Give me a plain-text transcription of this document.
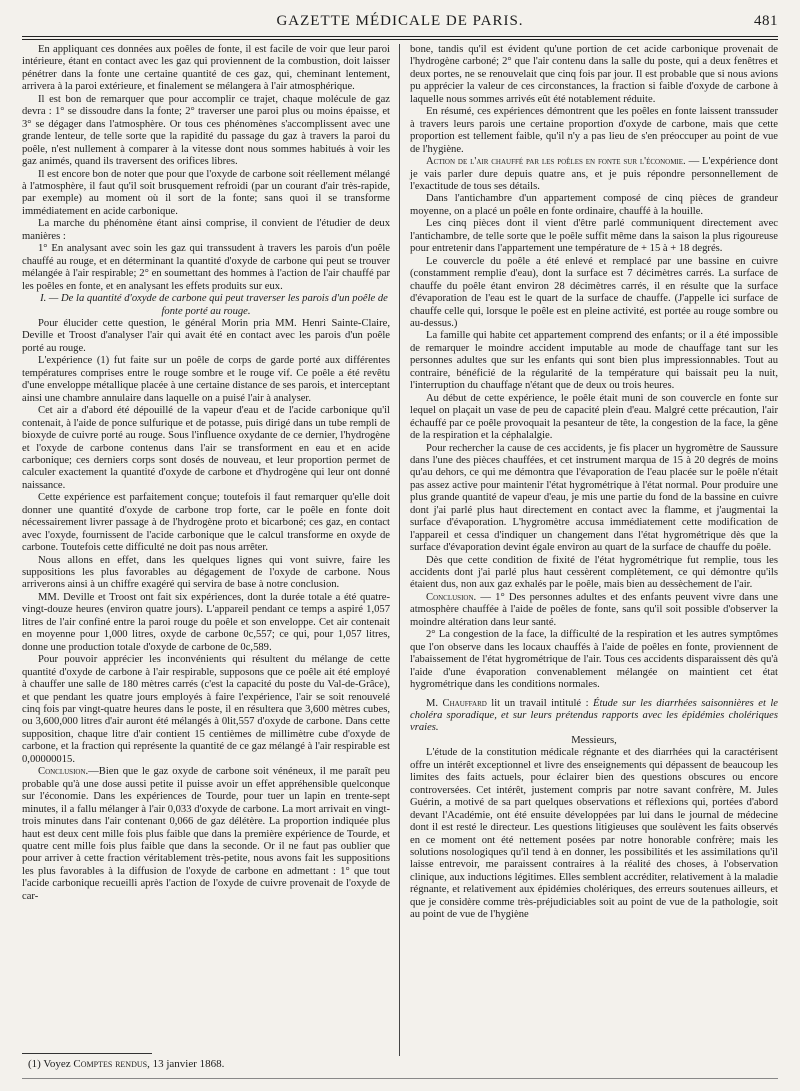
GAZETTE MÉDICALE DE PARIS.	481

En appliquant ces données aux poêles de fonte, il est facile de voir que leur paroi intérieure, étant en contact avec les gaz qui proviennent de la combustion, doit laisser pénétrer dans la fonte une certaine quantité de ces gaz, qui, cheminant lentement, arrivera à la paroi extérieure, et finalement se mélangera à l'air atmosphérique.

Il est bon de remarquer que pour accomplir ce trajet, chaque molécule de gaz devra : 1° se dissoudre dans la fonte; 2° traverser une paroi plus ou moins épaisse, et 3° se dégager dans l'atmosphère. Or tous ces phénomènes s'accomplissent avec une grande lenteur, de telle sorte que la rapidité du passage du gaz à travers la paroi du poêle, n'est nullement à comparer à la vitesse dont nous sommes habitués à voir les gaz animés, quand ils traversent des orifices libres.

Il est encore bon de noter que pour que l'oxyde de carbone soit réellement mélangé à l'atmosphère, il faut qu'il soit brusquement refroidi (par un courant d'air très-rapide, par exemple) au moment où il sort de la fonte; sans quoi il se transforme immédiatement en acide carbonique.

La marche du phénomène étant ainsi comprise, il convient de l'étudier de deux manières :

1° En analysant avec soin les gaz qui transsudent à travers les parois d'un poêle chauffé au rouge, et en déterminant la quantité d'oxyde de carbone qui peut se trouver mélangée à l'air respirable; 2° en soumettant des hommes à l'action de l'air chauffé par les poêles en fonte, et en analysant les effets produits sur eux.

I. — De la quantité d'oxyde de carbone qui peut traverser les parois d'un poêle de fonte porté au rouge.

Pour élucider cette question, le général Morin pria MM. Henri Sainte-Claire, Deville et Troost d'analyser l'air qui avait été en contact avec les parois d'un poêle porté au rouge.

L'expérience (1) fut faite sur un poêle de corps de garde porté aux différentes températures comprises entre le rouge sombre et le rouge vif. Ce poêle a été revêtu d'une enveloppe métallique placée à une certaine distance de ses parois, et interceptant ainsi une chambre annulaire dans laquelle on a puisé l'air à analyser.

Cet air a d'abord été dépouillé de la vapeur d'eau et de l'acide carbonique qu'il contenait, à l'aide de ponce sulfurique et de potasse, puis dirigé dans un tube rempli de bioxyde de cuivre porté au rouge. Sous l'influence oxydante de ce dernier, l'hydrogène et l'oxyde de carbone contenus dans l'air se transforment en eau et en acide carbonique; ces derniers corps sont dosés de nouveau, et leur proportion permet de calculer exactement la quantité d'oxyde de carbone et d'hydrogène qui leur ont donné naissance.

Cette expérience est parfaitement conçue; toutefois il faut remarquer qu'elle doit donner une quantité d'oxyde de carbone trop forte, car le poêle en fonte doit nécessairement livrer passage à de l'hydrogène proto et bicarboné; ces gaz, en contact avec l'oxyde, fournissent de l'acide carbonique que le calcul transforme en oxyde de carbone. Toutefois cette difficulté ne doit pas nous arrêter.

Nous allons en effet, dans les quelques lignes qui vont suivre, faire les suppositions les plus favorables au dégagement de l'oxyde de carbone. Nous arriverons ainsi à un chiffre exagéré qui servira de base à notre conclusion.

MM. Deville et Troost ont fait six expériences, dont la durée totale a été quatre-vingt-douze heures (environ quatre jours). L'appareil pendant ce temps a aspiré 1,057 litres de l'air confiné entre la paroi rouge du poêle et son enveloppe. Cet air contenait en moyenne pour 1,000 litres, oxyde de carbone 0c,557; ce qui, pour 1,057 litres, donne une production totale d'oxyde de carbone de 0c,589.

Pour pouvoir apprécier les inconvénients qui résultent du mélange de cette quantité d'oxyde de carbone à l'air respirable, supposons que ce poêle ait été employé à chauffer une salle de 180 mètres carrés (c'est la capacité du poste du Val-de-Grâce), et que pendant les quatre jours employés à faire l'expérience, l'air se soit renouvelé cinq fois par vingt-quatre heures dans le poste, il en résultera que 3,600 mètres cubes, ou 3,600,000 litres d'air auront été mélangés à 0lit,557 d'oxyde de carbone. Dans cette supposition, chaque litre d'air contient 15 centièmes de millimètre cube d'oxyde de carbone, et la fraction qui représente la quantité de ce gaz mélangé à l'air respirable est 0,00000015.

Conclusion.—Bien que le gaz oxyde de carbone soit vénéneux, il me paraît peu probable qu'à une dose aussi petite il puisse avoir un effet appréhensible quelconque sur l'économie. Dans les expériences de Tourde, pour tuer un lapin en trente-sept minutes, il a fallu mélanger à l'air 0,033 d'oxyde de carbone. La mort arrivait en vingt-trois minutes dans l'air contenant 0,066 de gaz délétère. La proportion indiquée plus haut est deux cent mille fois plus faible que dans la première expérience de Tourde, et quatre cent mille fois plus faible que dans la seconde. Or il ne faut pas oublier que pour arriver à cette fraction véritablement très-petite, nous avons fait les suppositions les plus favorables à la diffusion de l'oxyde de carbone en admettant : 1° que tout l'acide carbonique recueilli après l'action de l'oxyde de cuivre provenait de l'oxyde de car-

bone, tandis qu'il est évident qu'une portion de cet acide carbonique provenait de l'hydrogène carboné; 2° que l'air contenu dans la salle du poste, qui a deux fenêtres et deux portes, ne se renouvelait que cinq fois par jour. Il est probable que si nous avions pu apprécier la valeur de ces circonstances, la fraction si faible d'oxyde de carbone à laquelle nous sommes arrivés eût été notablement réduite.

En résumé, ces expériences démontrent que les poêles en fonte laissent transsuder à travers leurs parois une certaine proportion d'oxyde de carbone, mais que cette proportion est tellement faible, qu'il n'y a pas lieu de s'en préoccuper au point de vue de l'hygiène.

Action de l'air chauffé par les poêles en fonte sur l'économie. — L'expérience dont je vais parler dure depuis quatre ans, et je puis répondre personnellement de l'exactitude de tous ses détails.

Dans l'antichambre d'un appartement composé de cinq pièces de grandeur moyenne, on a placé un poêle en fonte ordinaire, chauffé à la houille.

Les cinq pièces dont il vient d'être parlé communiquent directement avec l'antichambre, de telle sorte que le poêle suffit même dans la saison la plus rigoureuse pour entretenir dans l'appartement une température de + 15 à + 18 degrés.

Le couvercle du poêle a été enlevé et remplacé par une bassine en cuivre (constamment remplie d'eau), dont la surface est 7 décimètres carrés. La surface de chauffe du poêle étant environ 28 décimètres carrés, il en résulte que la surface d'évaporation de l'eau est le quart de la surface de chauffe. (J'appelle ici surface de chauffe celle qui, lorsque le poêle est en pleine activité, est portée au rouge sombre ou au-dessus.)

La famille qui habite cet appartement comprend des enfants; or il a été impossible de remarquer le moindre accident imputable au mode de chauffage tant sur les personnes adultes que sur les enfants qui sont bien plus impressionnables. Tout au contraire, bénéficié de la régularité de la température qui baissait peu la nuit, l'interruption du chauffage n'étant que de deux ou trois heures.

Au début de cette expérience, le poêle était muni de son couvercle en fonte sur lequel on plaçait un vase de peu de capacité plein d'eau. Malgré cette précaution, l'air échauffé par ce poêle provoquait la pesanteur de tête, la congestion de la face, la gêne de la respiration et la céphalalgie.

Pour rechercher la cause de ces accidents, je fis placer un hygromètre de Saussure dans l'une des pièces chauffées, et cet instrument marqua de 15 à 20 degrés de moins qu'au dehors, ce qui me démontra que l'évaporation de l'eau placée sur le poêle n'était pas assez active pour maintenir l'état hygrométrique à l'état normal. Pour produire une plus grande quantité de vapeur d'eau, je mis une partie du fond de la bassine en cuivre dont j'ai parlé plus haut directement en contact avec la flamme, et j'augmentai la surface d'évaporation. L'hygromètre accusa immédiatement cette modification de l'appareil et cessa d'indiquer un changement dans l'état hygrométrique dès que la surface d'évaporation devint égale environ au quart de la surface de chauffe du poêle.

Dès que cette condition de fixité de l'état hygrométrique fut remplie, tous les accidents dont j'ai parlé plus haut cessèrent complètement, ce qui démontre qu'ils étaient dus, non aux gaz exhalés par le poêle, mais bien au dessèchement de l'air.

Conclusion. — 1° Des personnes adultes et des enfants peuvent vivre dans une atmosphère chauffée à l'aide de poêles de fonte, sans qu'il soit possible d'observer la moindre altération dans leur santé.

2° La congestion de la face, la difficulté de la respiration et les autres symptômes que l'on observe dans les locaux chauffés à l'aide de poêles en fonte, proviennent de l'abaissement de l'état hygrométrique de l'air. Tous ces accidents disparaissent dès qu'à l'aide d'une évaporation convenablement mélangée on maintient cet état hygrométrique dans les conditions normales.

M. Chauffard lit un travail intitulé : Étude sur les diarrhées saisonnières et le choléra sporadique, et sur leurs prétendus rapports avec les épidémies cholériques vraies.

Messieurs,

L'étude de la constitution médicale régnante et des diarrhées qui la caractérisent offre un intérêt exceptionnel et livre des enseignements qui dépassent de beaucoup les limites des faits actuels, pour éclairer bien des questions obscures ou encore controversées. Cet intérêt, justement compris par notre savant confrère, M. Jules Guérin, a motivé de sa part quelques observations et réflexions qui, portées d'abord devant l'Académie, ont été ensuite développées par lui dans le journal de médecine dont il est resté le directeur. Les questions litigieuses que soulèvent les faits observés en ce moment ont été nettement posées par notre honorable confrère; mais les solutions nosologiques qu'il tend à en donner, les possibilités et les assimilations qu'il laisse entrevoir, me paraissent contraires à la réalité des choses, à l'observation clinique, aux inductions légitimes. Elles semblent accréditer, relativement à la maladie régnante, et relativement aux épidémies cholériques, des erreurs soutenues ailleurs, et que je considère comme très-préjudiciables soit au point de vue de la pathologie, soit au point de vue de l'hygiène

(1) Voyez Comptes rendus, 13 janvier 1868.
